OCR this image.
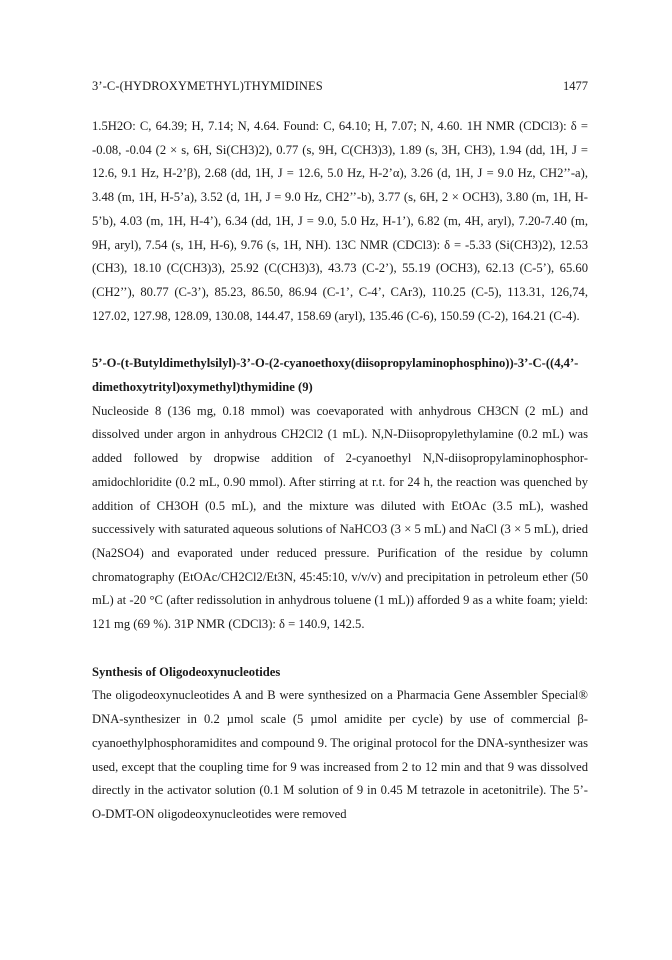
3’-C-(HYDROXYMETHYL)THYMIDINES	1477

1.5H2O: C, 64.39; H, 7.14; N, 4.64. Found: C, 64.10; H, 7.07; N, 4.60. 1H NMR (CDCl3): δ = -0.08, -0.04 (2 × s, 6H, Si(CH3)2), 0.77 (s, 9H, C(CH3)3), 1.89 (s, 3H, CH3), 1.94 (dd, 1H, J = 12.6, 9.1 Hz, H-2’β), 2.68 (dd, 1H, J = 12.6, 5.0 Hz, H-2’α), 3.26 (d, 1H, J = 9.0 Hz, CH2’’-a), 3.48 (m, 1H, H-5’a), 3.52 (d, 1H, J = 9.0 Hz, CH2’’-b), 3.77 (s, 6H, 2 × OCH3), 3.80 (m, 1H, H-5’b), 4.03 (m, 1H, H-4’), 6.34 (dd, 1H, J = 9.0, 5.0 Hz, H-1’), 6.82 (m, 4H, aryl), 7.20-7.40 (m, 9H, aryl), 7.54 (s, 1H, H-6), 9.76 (s, 1H, NH). 13C NMR (CDCl3): δ = -5.33 (Si(CH3)2), 12.53 (CH3), 18.10 (C(CH3)3), 25.92 (C(CH3)3), 43.73 (C-2’), 55.19 (OCH3), 62.13 (C-5’), 65.60 (CH2’’), 80.77 (C-3’), 85.23, 86.50, 86.94 (C-1’, C-4’, CAr3), 110.25 (C-5), 113.31, 126,74, 127.02, 127.98, 128.09, 130.08, 144.47, 158.69 (aryl), 135.46 (C-6), 150.59 (C-2), 164.21 (C-4).

5’-O-(t-Butyldimethylsilyl)-3’-O-(2-cyanoethoxy(diisopropylaminophosphino))-3’-C-((4,4’-dimethoxytrityl)oxymethyl)thymidine (9)

Nucleoside 8 (136 mg, 0.18 mmol) was coevaporated with anhydrous CH3CN (2 mL) and dissolved under argon in anhydrous CH2Cl2 (1 mL). N,N-Diisopropylethylamine (0.2 mL) was added followed by dropwise addition of 2-cyanoethyl N,N-diisopropylaminophosphor-amidochloridite (0.2 mL, 0.90 mmol). After stirring at r.t. for 24 h, the reaction was quenched by addition of CH3OH (0.5 mL), and the mixture was diluted with EtOAc (3.5 mL), washed successively with saturated aqueous solutions of NaHCO3 (3 × 5 mL) and NaCl (3 × 5 mL), dried (Na2SO4) and evaporated under reduced pressure. Purification of the residue by column chromatography (EtOAc/CH2Cl2/Et3N, 45:45:10, v/v/v) and precipitation in petroleum ether (50 mL) at -20 °C (after redissolution in anhydrous toluene (1 mL)) afforded 9 as a white foam; yield: 121 mg (69 %). 31P NMR (CDCl3): δ = 140.9, 142.5.

Synthesis of Oligodeoxynucleotides

The oligodeoxynucleotides A and B were synthesized on a Pharmacia Gene Assembler Special® DNA-synthesizer in 0.2 µmol scale (5 µmol amidite per cycle) by use of commercial β-cyanoethylphosphoramidites and compound 9. The original protocol for the DNA-synthesizer was used, except that the coupling time for 9 was increased from 2 to 12 min and that 9 was dissolved directly in the activator solution (0.1 M solution of 9 in 0.45 M tetrazole in acetonitrile). The 5’-O-DMT-ON oligodeoxynucleotides were removed
